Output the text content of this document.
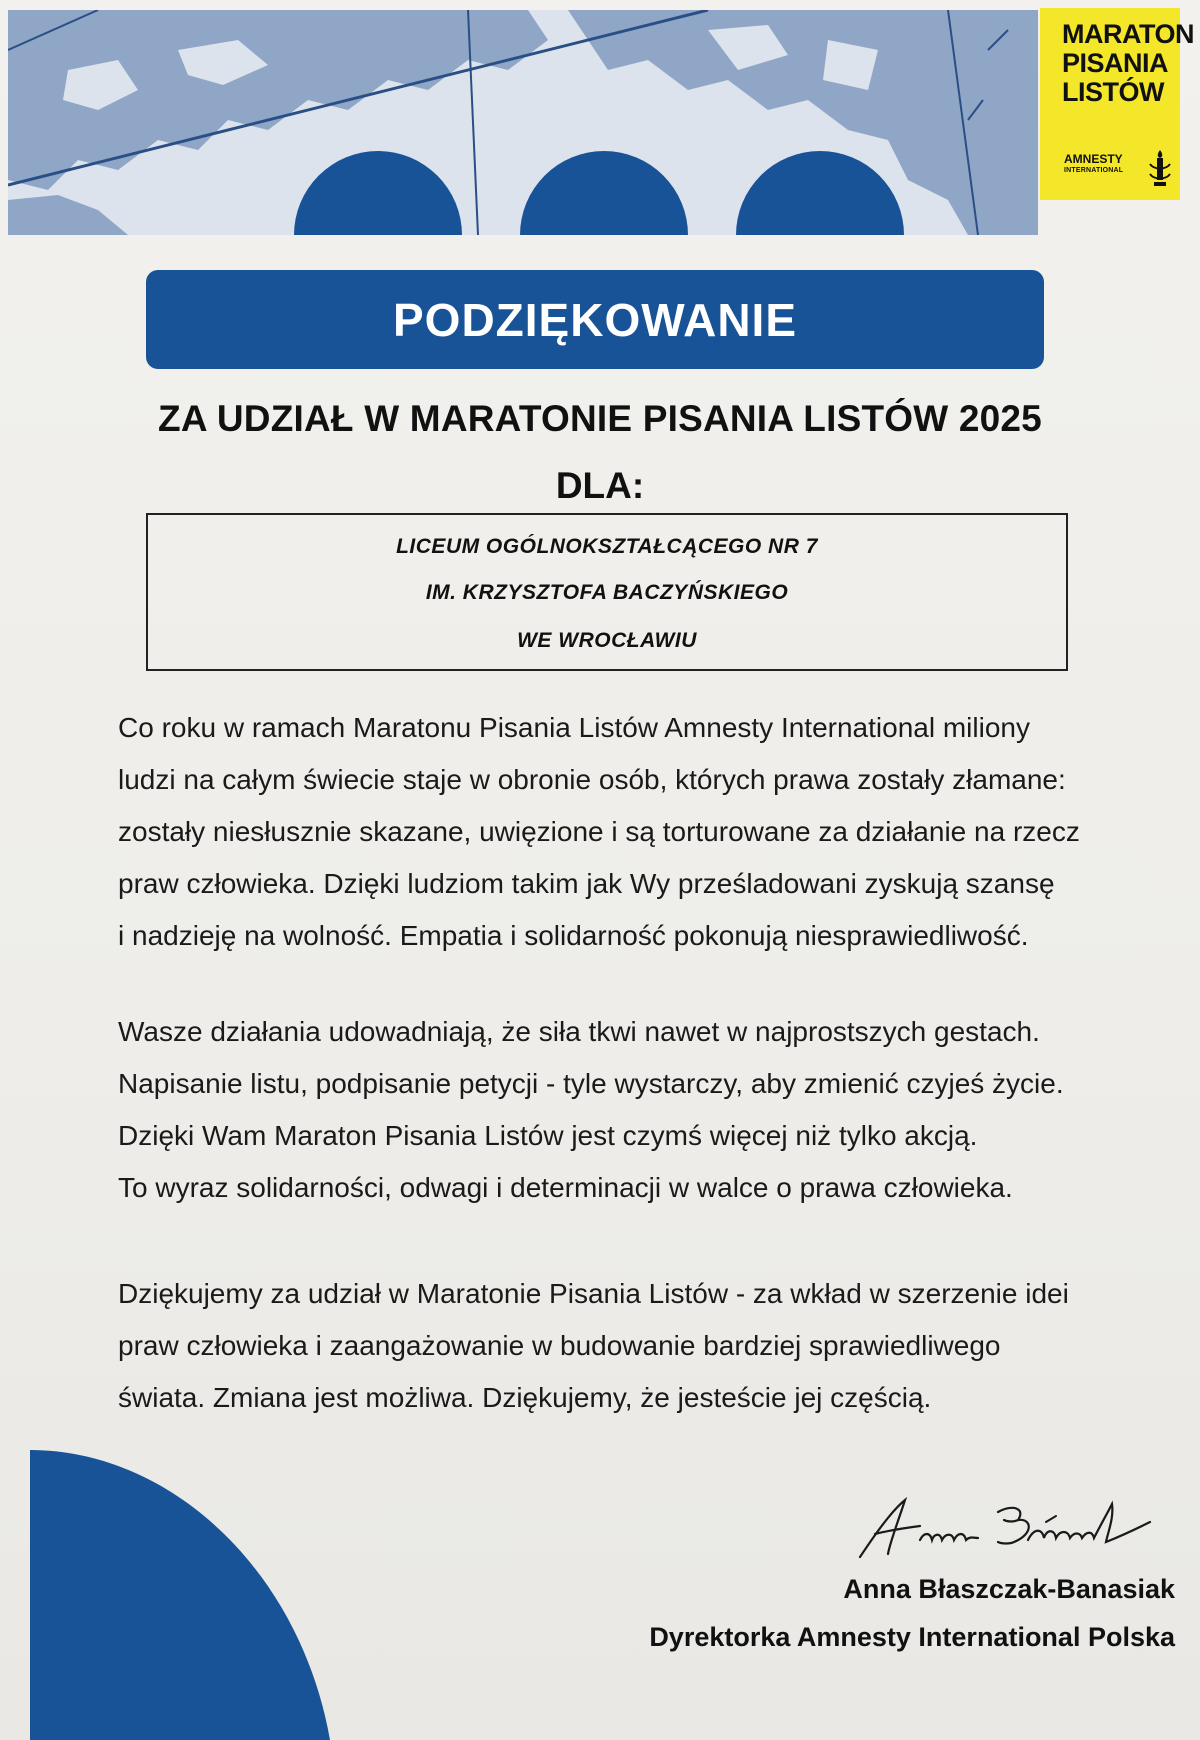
MARATON
PISANIA
LISTÓW
AMNESTY
INTERNATIONAL
PODZIĘKOWANIE
ZA UDZIAŁ W MARATONIE PISANIA LISTÓW 2025
DLA:
LICEUM OGÓLNOKSZTAŁCĄCEGO NR 7
IM. KRZYSZTOFA BACZYŃSKIEGO
WE WROCŁAWIU
Co roku w ramach Maratonu Pisania Listów Amnesty International miliony
ludzi na całym świecie staje w obronie osób, których prawa zostały złamane:
zostały niesłusznie skazane, uwięzione i są torturowane za działanie na rzecz
praw człowieka. Dzięki ludziom takim jak Wy prześladowani zyskują szansę
i nadzieję na wolność. Empatia i solidarność pokonują niesprawiedliwość.
Wasze działania udowadniają, że siła tkwi nawet w najprostszych gestach.
Napisanie listu, podpisanie petycji - tyle wystarczy, aby zmienić czyjeś życie.
Dzięki Wam Maraton Pisania Listów jest czymś więcej niż tylko akcją.
To wyraz solidarności, odwagi i determinacji w walce o prawa człowieka.
Dziękujemy za udział w Maratonie Pisania Listów - za wkład w szerzenie idei
praw człowieka i zaangażowanie w budowanie bardziej sprawiedliwego
świata. Zmiana jest możliwa. Dziękujemy, że jesteście jej częścią.
Anna Błaszczak-Banasiak
Dyrektorka Amnesty International Polska
